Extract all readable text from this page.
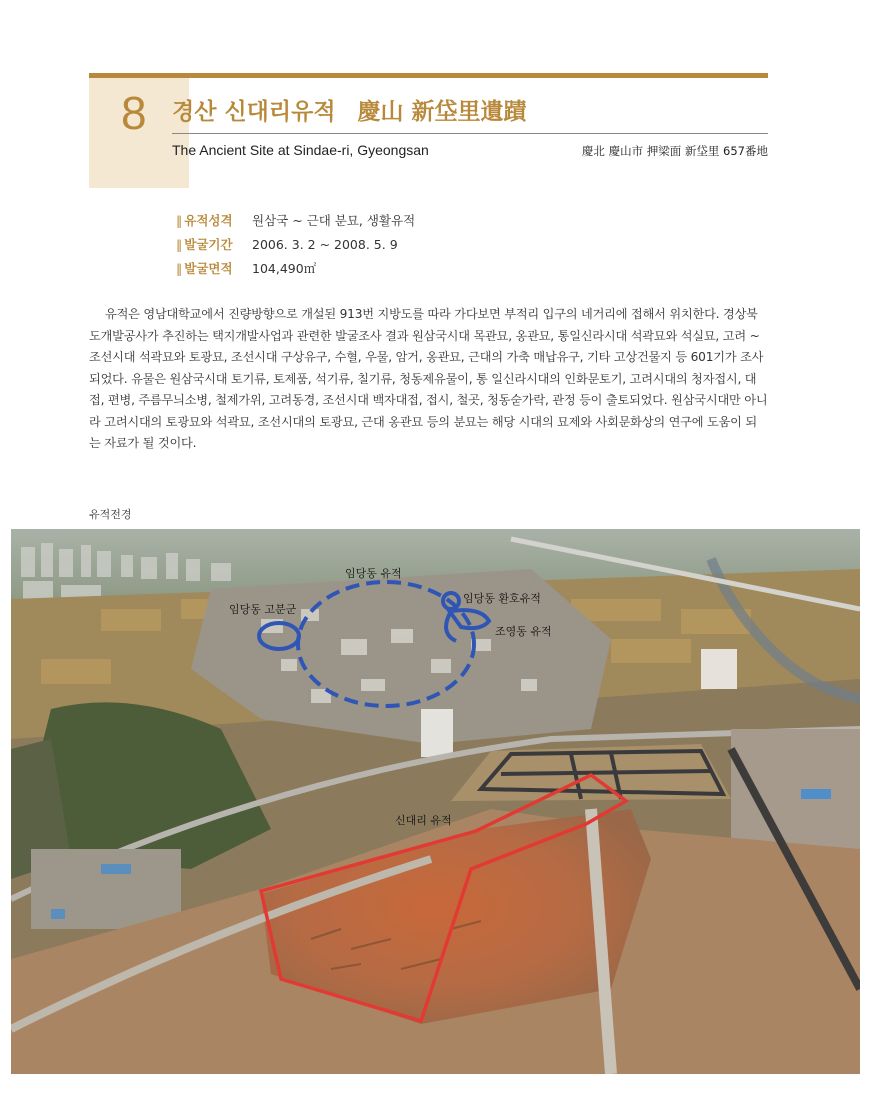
8 경산 신대리유적 慶山 新垈里遺蹟
The Ancient Site at Sindae-ri, Gyeongsan	慶北 慶山市 押梁面 新垈里 657番地
‖ 유적성격	원삼국 ~ 근대 분묘, 생활유적
‖ 발굴기간	2006. 3. 2 ~ 2008. 5. 9
‖ 발굴면적	104,490㎡
유적은 영남대학교에서 진량방향으로 개설된 913번 지방도를 따라 가다보면 부적리 입구의 네거리에 접해서 위치한다. 경상북도개발공사가 추진하는 택지개발사업과 관련한 발굴조사 결과 원삼국시대 목관묘, 옹관묘, 통일신라시대 석곽묘와 석실묘, 고려 ~ 조선시대 석곽묘와 토광묘, 조선시대 구상유구, 수혈, 우물, 암거, 옹관묘, 근대의 가축 매납유구, 기타 고상건물지 등 601기가 조사되었다. 유물은 원삼국시대 토기류, 토제품, 석기류, 칠기류, 청동제유물이, 통 일신라시대의 인화문토기, 고려시대의 청자접시, 대접, 편병, 주름무늬소병, 철제가위, 고려동경, 조선시대 백자대접, 접시, 철곳, 청동숟가락, 관정 등이 출토되었다. 원삼국시대만 아니라 고려시대의 토광묘와 석곽묘, 조선시대의 토광묘, 근대 옹관묘 등의 분묘는 해당 시대의 묘제와 사회문화상의 연구에 도움이 되는 자료가 될 것이다.
유적전경
임당동 유적
임당동 고분군
임당동 환호유적
조영동 유적
신대리 유적
